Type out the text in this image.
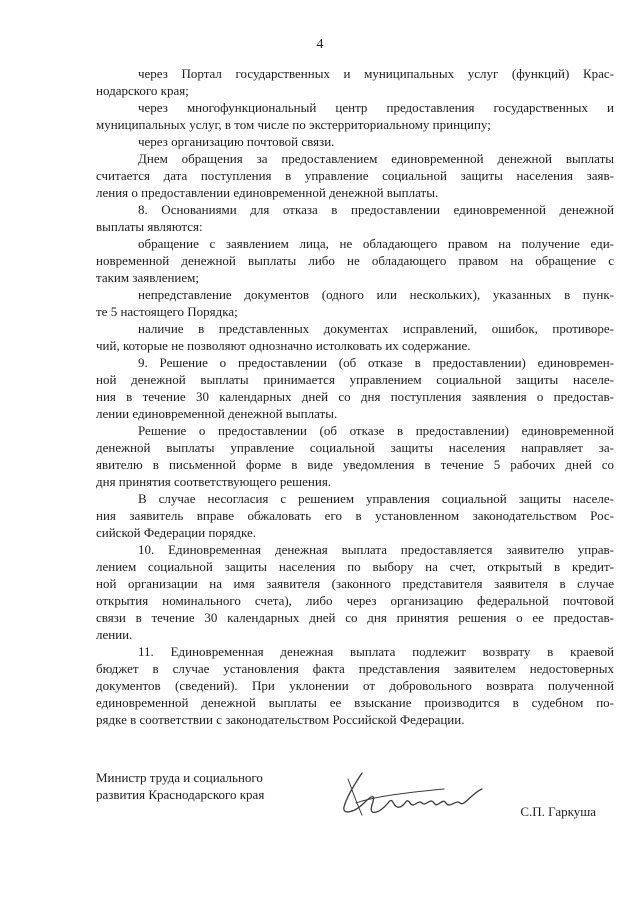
4
через Портал государственных и муниципальных услуг (функций) Крас-
нодарского края;
через многофункциональный центр предоставления государственных и
муниципальных услуг, в том числе по экстерриториальному принципу;
через организацию почтовой связи.
Днем обращения за предоставлением единовременной денежной выплаты
считается дата поступления в управление социальной защиты населения заяв-
ления о предоставлении единовременной денежной выплаты.
8. Основаниями для отказа в предоставлении единовременной денежной
выплаты являются:
обращение с заявлением лица, не обладающего правом на получение еди-
новременной денежной выплаты либо не обладающего правом на обращение с
таким заявлением;
непредставление документов (одного или нескольких), указанных в пунк-
те 5 настоящего Порядка;
наличие в представленных документах исправлений, ошибок, противоре-
чий, которые не позволяют однозначно истолковать их содержание.
9. Решение о предоставлении (об отказе в предоставлении) единовремен-
ной денежной выплаты принимается управлением социальной защиты населе-
ния в течение 30 календарных дней со дня поступления заявления о предостав-
лении единовременной денежной выплаты.
Решение о предоставлении (об отказе в предоставлении) единовременной
денежной выплаты управление социальной защиты населения направляет за-
явителю в письменной форме в виде уведомления в течение 5 рабочих дней со
дня принятия соответствующего решения.
В случае несогласия с решением управления социальной защиты населе-
ния заявитель вправе обжаловать его в установленном законодательством Рос-
сийской Федерации порядке.
10. Единовременная денежная выплата предоставляется заявителю управ-
лением социальной защиты населения по выбору на счет, открытый в кредит-
ной организации на имя заявителя (законного представителя заявителя в случае
открытия номинального счета), либо через организацию федеральной почтовой
связи в течение 30 календарных дней со дня принятия решения о ее предостав-
лении.
11. Единовременная денежная выплата подлежит возврату в краевой
бюджет в случае установления факта представления заявителем недостоверных
документов (сведений). При уклонении от добровольного возврата полученной
единовременной денежной выплаты ее взыскание производится в судебном по-
рядке в соответствии с законодательством Российской Федерации.
Министр труда и социального
развития Краснодарского края
С.П. Гаркуша
